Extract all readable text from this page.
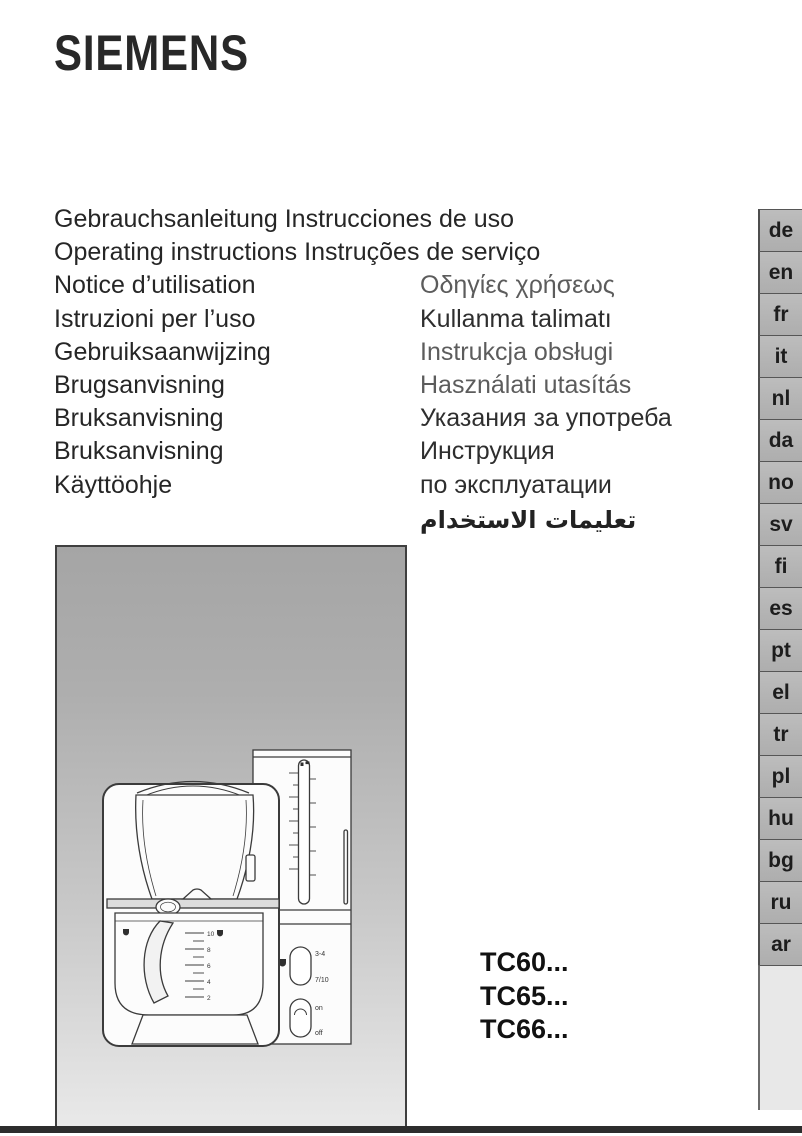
SIEMENS
Gebrauchsanleitung Instrucciones de uso
Operating instructions Instruções de serviço
Notice d’utilisation	Οδηγίες χρήσεως
Istruzioni per l’uso	Kullanma talimatı
Gebruiksaanwijzing	Instrukcja obsługi
Brugsanvisning	Használati utasítás
Bruksanvisning	Указания за употреба
Bruksanvisning	Инструкция
Käyttöohje	по эксплуатации
تعليمات الاستخدام
de
en
fr
it
nl
da
no
sv
fi
es
pt
el
tr
pl
hu
bg
ru
ar
3-4
7/10
on
off
10
8
6
4
2
TC60...
TC65...
TC66...
